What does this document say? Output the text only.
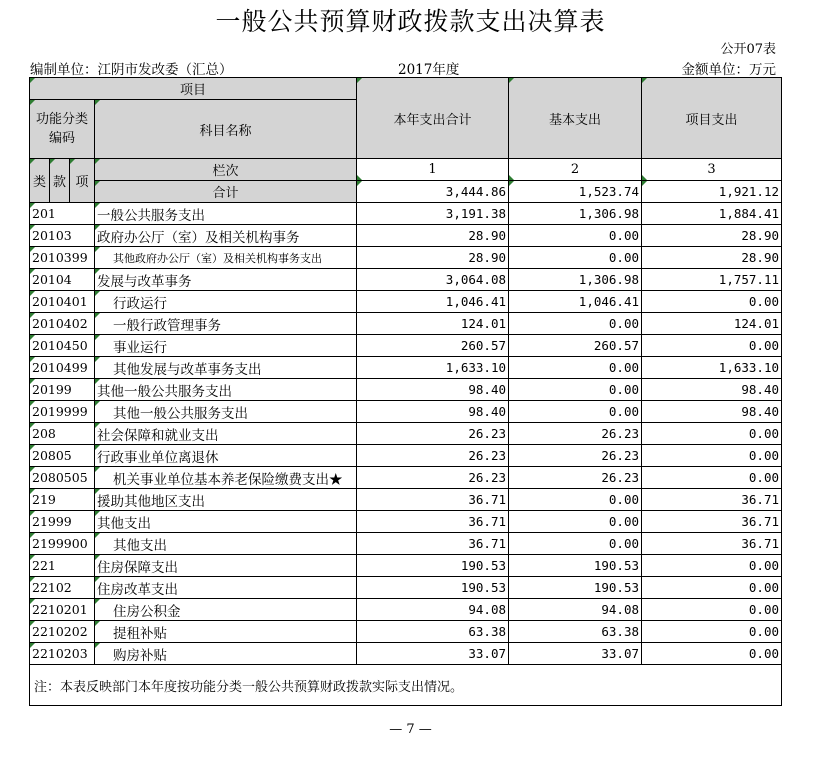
一般公共预算财政拨款支出决算表
公开07表
编制单位：江阴市发改委（汇总）	2017年度	金额单位：万元
项目				本年支出合计	基本支出	项目支出
功能分类编码			科目名称			

类	款	项	栏次	1	2	3
			合计	3,444.86	1,523.74	1,921.12
201			一般公共服务支出	3,191.38	1,306.98	1,884.41
20103			政府办公厅（室）及相关机构事务	28.90	0.00	28.90
2010399			其他政府办公厅（室）及相关机构事务支出	28.90	0.00	28.90
20104			发展与改革事务	3,064.08	1,306.98	1,757.11
2010401			行政运行	1,046.41	1,046.41	0.00
2010402			一般行政管理事务	124.01	0.00	124.01
2010450			事业运行	260.57	260.57	0.00
2010499			其他发展与改革事务支出	1,633.10	0.00	1,633.10
20199			其他一般公共服务支出	98.40	0.00	98.40
2019999			其他一般公共服务支出	98.40	0.00	98.40
208			社会保障和就业支出	26.23	26.23	0.00
20805			行政事业单位离退休	26.23	26.23	0.00
2080505			机关事业单位基本养老保险缴费支出★	26.23	26.23	0.00
219			援助其他地区支出	36.71	0.00	36.71
21999			其他支出	36.71	0.00	36.71
2199900			其他支出	36.71	0.00	36.71
221			住房保障支出	190.53	190.53	0.00
22102			住房改革支出	190.53	190.53	0.00
2210201			住房公积金	94.08	94.08	0.00
2210202			提租补贴	63.38	63.38	0.00
2210203			购房补贴	33.07	33.07	0.00
注：本表反映部门本年度按功能分类一般公共预算财政拨款实际支出情况。						
— 7 —
